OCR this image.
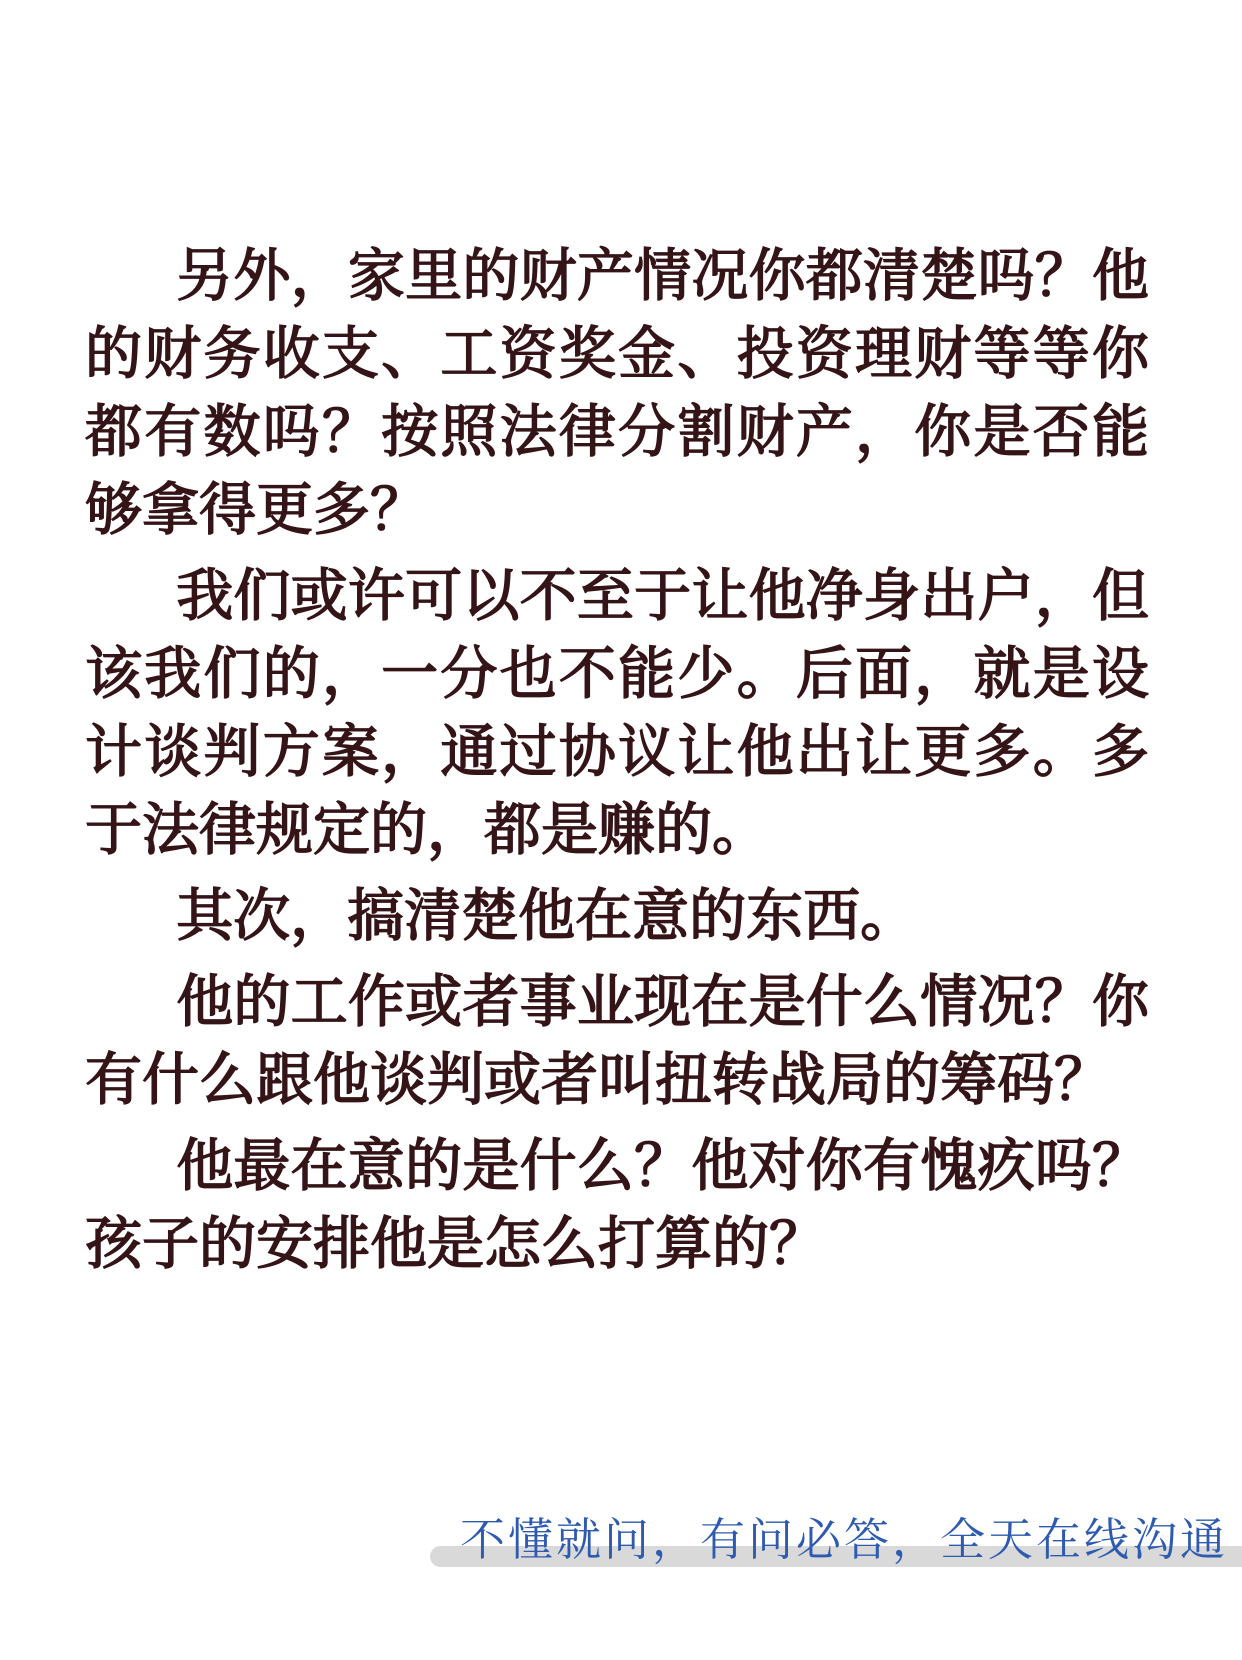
另外，家里的财产情况你都清楚吗？他的财务收支、工资奖金、投资理财等等你都有数吗？按照法律分割财产，你是否能够拿得更多？

我们或许可以不至于让他净身出户，但该我们的，一分也不能少。后面，就是设计谈判方案，通过协议让他出让更多。多于法律规定的，都是赚的。

其次，搞清楚他在意的东西。

他的工作或者事业现在是什么情况？你有什么跟他谈判或者叫扭转战局的筹码？

他最在意的是什么？他对你有愧疚吗？孩子的安排他是怎么打算的？

不懂就问，有问必答，全天在线沟通
